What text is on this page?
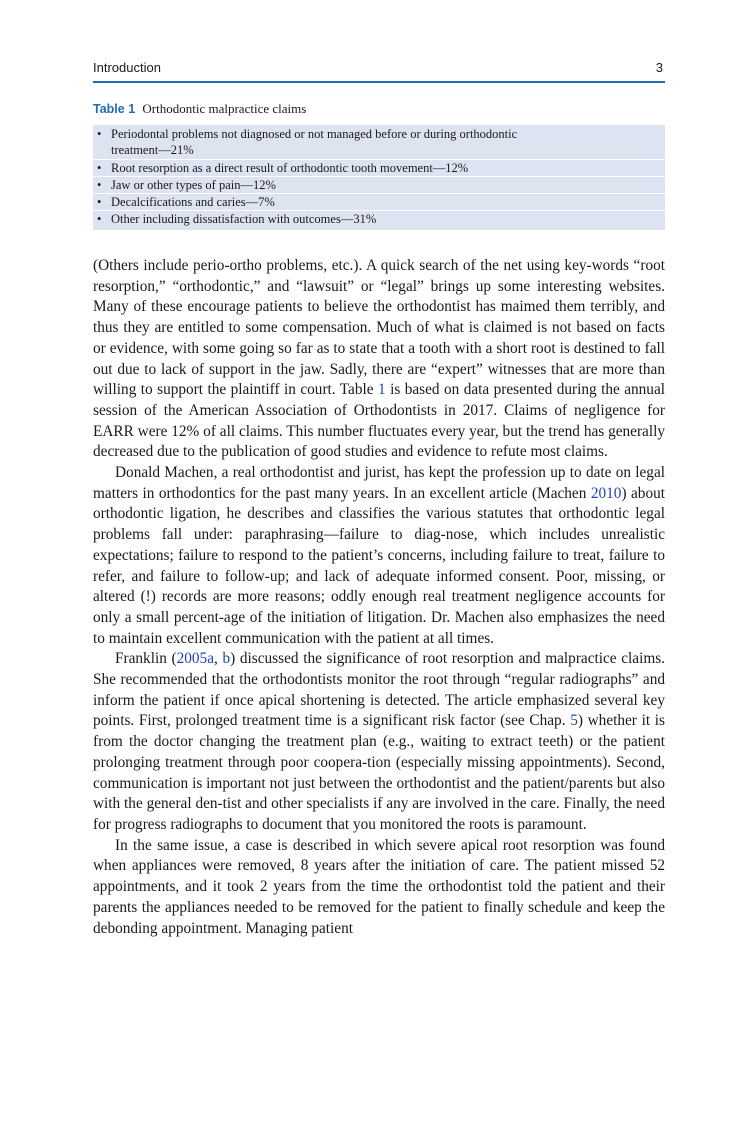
Introduction	3
Table 1 Orthodontic malpractice claims
• Periodontal problems not diagnosed or not managed before or during orthodontic
treatment—21%
• Root resorption as a direct result of orthodontic tooth movement—12%
• Jaw or other types of pain—12%
• Decalcifications and caries—7%
• Other including dissatisfaction with outcomes—31%

(Others include perio-ortho problems, etc.). A quick search of the net using key-words “root resorption,” “orthodontic,” and “lawsuit” or “legal” brings up some interesting websites. Many of these encourage patients to believe the orthodontist has maimed them terribly, and thus they are entitled to some compensation. Much of what is claimed is not based on facts or evidence, with some going so far as to state that a tooth with a short root is destined to fall out due to lack of support in the jaw. Sadly, there are “expert” witnesses that are more than willing to support the plaintiff in court. Table 1 is based on data presented during the annual session of the American Association of Orthodontists in 2017. Claims of negligence for EARR were 12% of all claims. This number fluctuates every year, but the trend has generally decreased due to the publication of good studies and evidence to refute most claims.

Donald Machen, a real orthodontist and jurist, has kept the profession up to date on legal matters in orthodontics for the past many years. In an excellent article (Machen 2010) about orthodontic ligation, he describes and classifies the various statutes that orthodontic legal problems fall under: paraphrasing—failure to diag-nose, which includes unrealistic expectations; failure to respond to the patient’s concerns, including failure to treat, failure to refer, and failure to follow-up; and lack of adequate informed consent. Poor, missing, or altered (!) records are more reasons; oddly enough real treatment negligence accounts for only a small percent-age of the initiation of litigation. Dr. Machen also emphasizes the need to maintain excellent communication with the patient at all times.

Franklin (2005a, b) discussed the significance of root resorption and malpractice claims. She recommended that the orthodontists monitor the root through “regular radiographs” and inform the patient if once apical shortening is detected. The article emphasized several key points. First, prolonged treatment time is a significant risk factor (see Chap. 5) whether it is from the doctor changing the treatment plan (e.g., waiting to extract teeth) or the patient prolonging treatment through poor coopera-tion (especially missing appointments). Second, communication is important not just between the orthodontist and the patient/parents but also with the general den-tist and other specialists if any are involved in the care. Finally, the need for progress radiographs to document that you monitored the roots is paramount.

In the same issue, a case is described in which severe apical root resorption was found when appliances were removed, 8 years after the initiation of care. The patient missed 52 appointments, and it took 2 years from the time the orthodontist told the patient and their parents the appliances needed to be removed for the patient to finally schedule and keep the debonding appointment. Managing patient
